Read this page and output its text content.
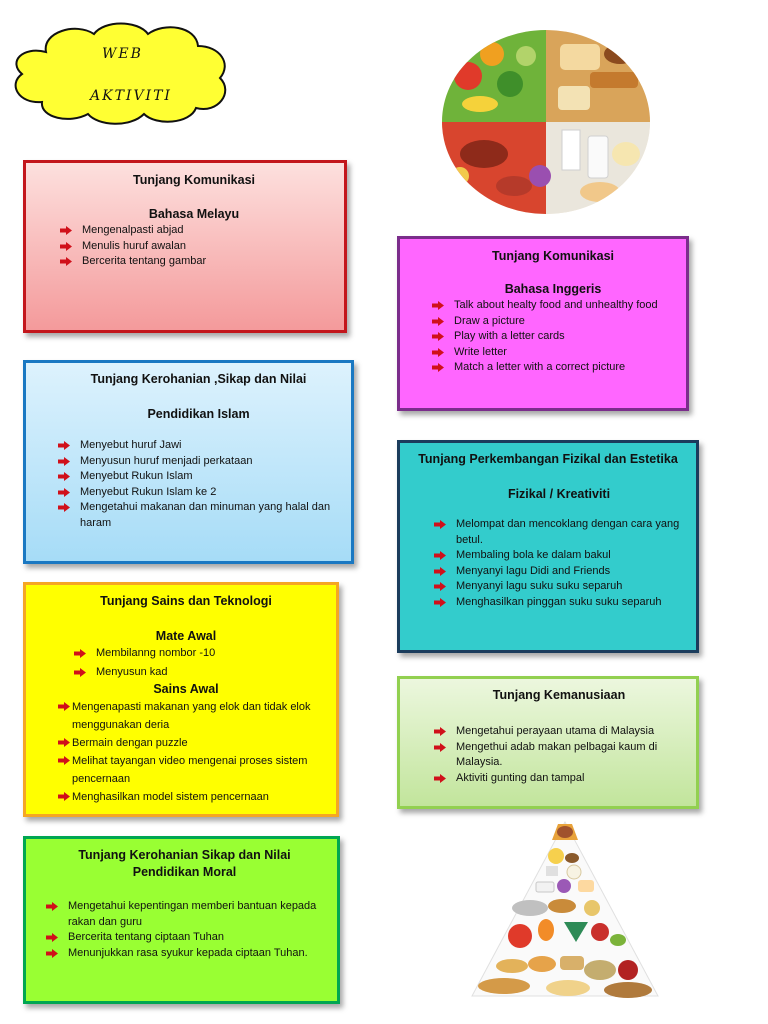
WEB
AKTIVITI

Tunjang Komunikasi

Bahasa Melayu

Mengenalpasti abjad
Menulis huruf awalan
Bercerita tentang gambar	Tunjang Komunikasi

Bahasa Inggeris

Talk about healty food and unhealthy food
Draw a picture
Play with a letter cards
Write letter
Match a letter with a correct picture

Tunjang Kerohanian ,Sikap dan Nilai

Pendidikan Islam

Menyebut huruf Jawi
Menyusun huruf menjadi perkataan
Menyebut Rukun Islam
Menyebut Rukun Islam ke 2
Mengetahui makanan dan minuman yang halal dan haram

Tunjang Perkembangan Fizikal dan Estetika

Fizikal / Kreativiti

Melompat dan mencoklang dengan cara yang betul.
Membaling bola ke dalam bakul
Menyanyi lagu Didi and Friends
Menyanyi lagu suku suku separuh
Menghasilkan pinggan suku suku separuh

Tunjang Sains dan Teknologi

Mate Awal

Membilanng nombor -10
Menyusun kad

Sains Awal

Mengenapasti makanan yang elok dan tidak elok menggunakan deria
Bermain dengan puzzle
Melihat tayangan video mengenai proses sistem pencernaan
Menghasilkan model sistem pencernaan

Tunjang Kemanusiaan

Mengetahui perayaan utama di Malaysia
Mengethui adab makan pelbagai kaum di Malaysia.
Aktiviti gunting dan tampal

Tunjang Kerohanian Sikap dan Nilai

Pendidikan Moral

Mengetahui kepentingan memberi bantuan kepada rakan dan guru
Bercerita tentang ciptaan Tuhan
Menunjukkan rasa syukur kepada ciptaan Tuhan.
